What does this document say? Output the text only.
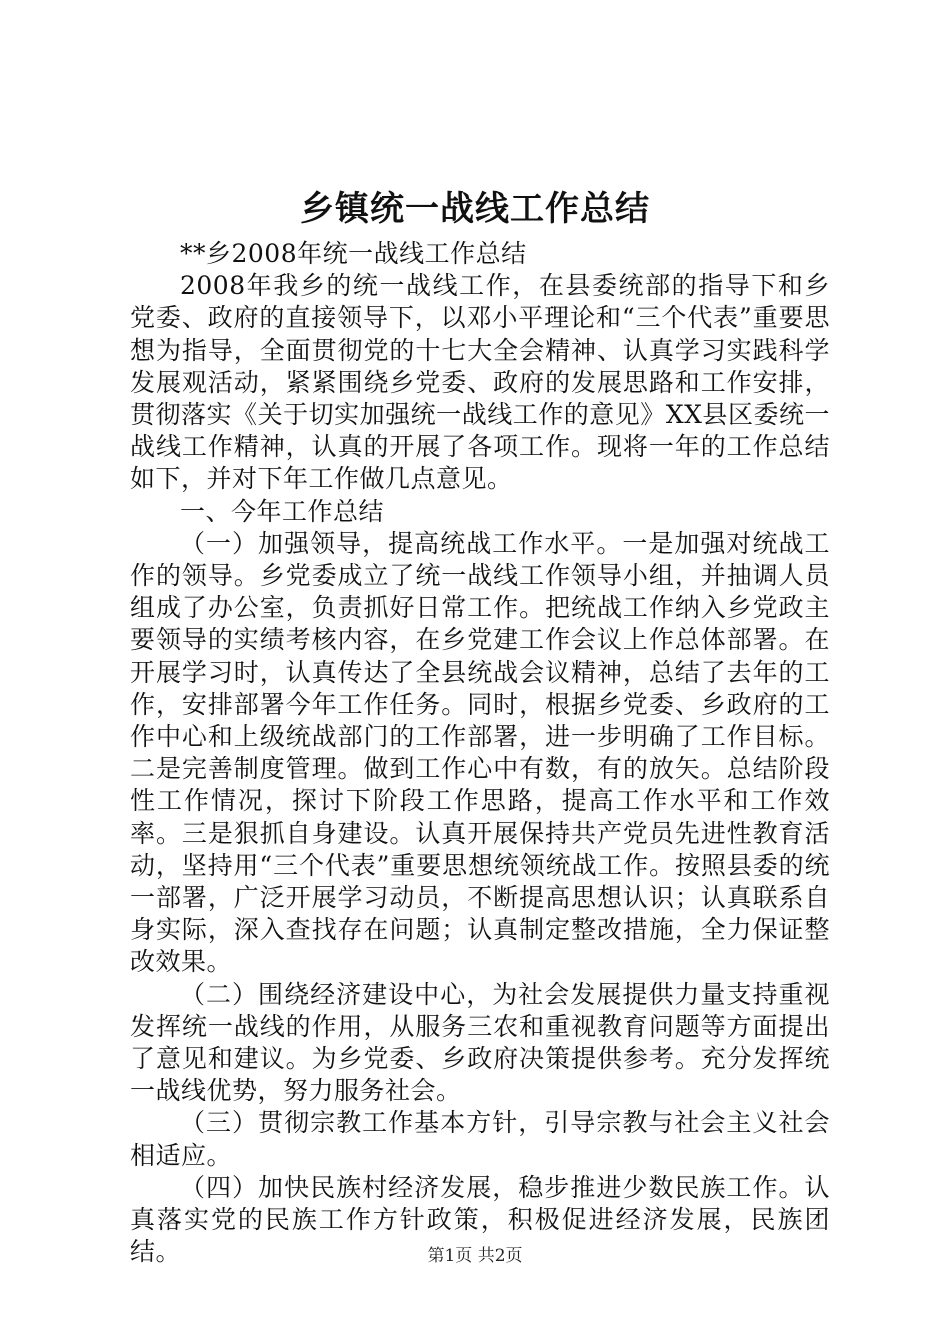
乡镇统一战线工作总结

**乡2008年统一战线工作总结

2008年我乡的统一战线工作，在县委统部的指导下和乡党委、政府的直接领导下，以邓小平理论和“三个代表”重要思想为指导，全面贯彻党的十七大全会精神、认真学习实践科学发展观活动，紧紧围绕乡党委、政府的发展思路和工作安排，贯彻落实《关于切实加强统一战线工作的意见》XX县区委统一战线工作精神，认真的开展了各项工作。现将一年的工作总结如下，并对下年工作做几点意见。

一、今年工作总结

（一）加强领导，提高统战工作水平。一是加强对统战工作的领导。乡党委成立了统一战线工作领导小组，并抽调人员组成了办公室，负责抓好日常工作。把统战工作纳入乡党政主要领导的实绩考核内容，在乡党建工作会议上作总体部署。在开展学习时，认真传达了全县统战会议精神，总结了去年的工作，安排部署今年工作任务。同时，根据乡党委、乡政府的工作中心和上级统战部门的工作部署，进一步明确了工作目标。二是完善制度管理。做到工作心中有数，有的放矢。总结阶段性工作情况，探讨下阶段工作思路，提高工作水平和工作效率。三是狠抓自身建设。认真开展保持共产党员先进性教育活动，坚持用“三个代表”重要思想统领统战工作。按照县委的统一部署，广泛开展学习动员，不断提高思想认识；认真联系自身实际，深入查找存在问题；认真制定整改措施，全力保证整改效果。

（二）围绕经济建设中心，为社会发展提供力量支持重视发挥统一战线的作用，从服务三农和重视教育问题等方面提出了意见和建议。为乡党委、乡政府决策提供参考。充分发挥统一战线优势，努力服务社会。

（三）贯彻宗教工作基本方针，引导宗教与社会主义社会相适应。

（四）加快民族村经济发展，稳步推进少数民族工作。认真落实党的民族工作方针政策，积极促进经济发展，民族团结。	第1页 共2页
